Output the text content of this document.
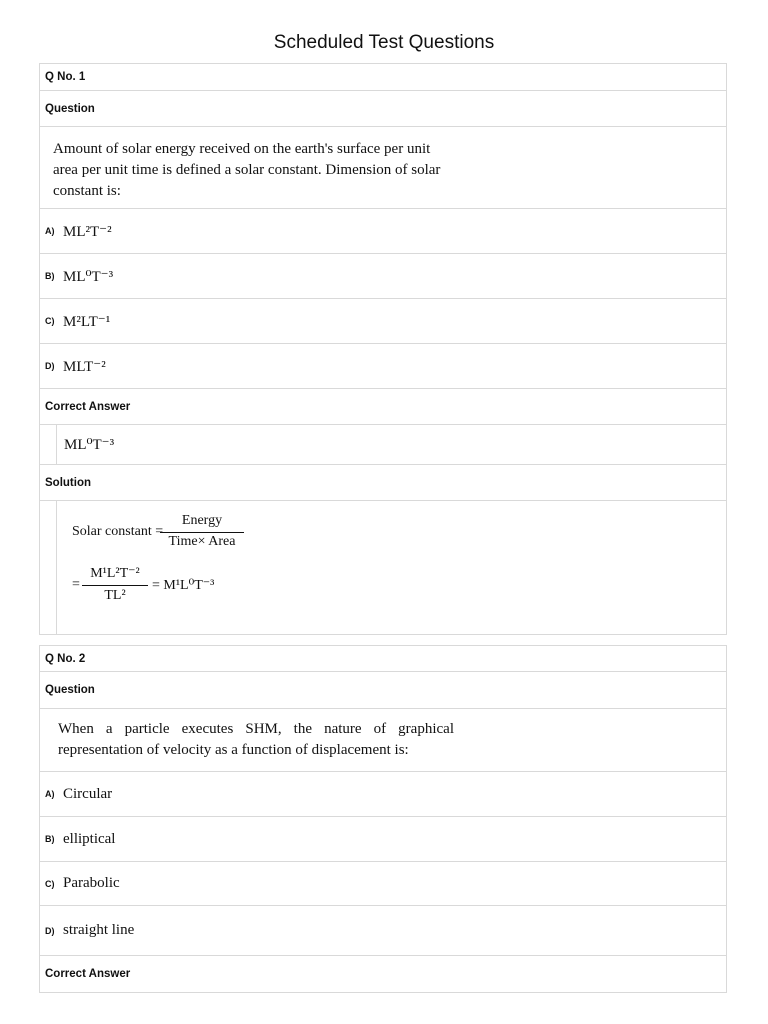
Scheduled Test Questions
Q No. 1
Question
Amount of solar energy received on the earth's surface per unit area per unit time is defined a solar constant. Dimension of solar constant is:
A) ML²T⁻²
B) ML⁰T⁻³
C) M²LT⁻¹
D) MLT⁻²
Correct Answer
ML⁰T⁻³
Solution
Solar constant =
Energy
Time× Area
=
M¹L²T⁻²
TL²
= M¹L⁰T⁻³
Q No. 2
Question
When a particle executes SHM, the nature of graphical representation of velocity as a function of displacement is:
A) Circular
B) elliptical
C) Parabolic
D) straight line
Correct Answer
